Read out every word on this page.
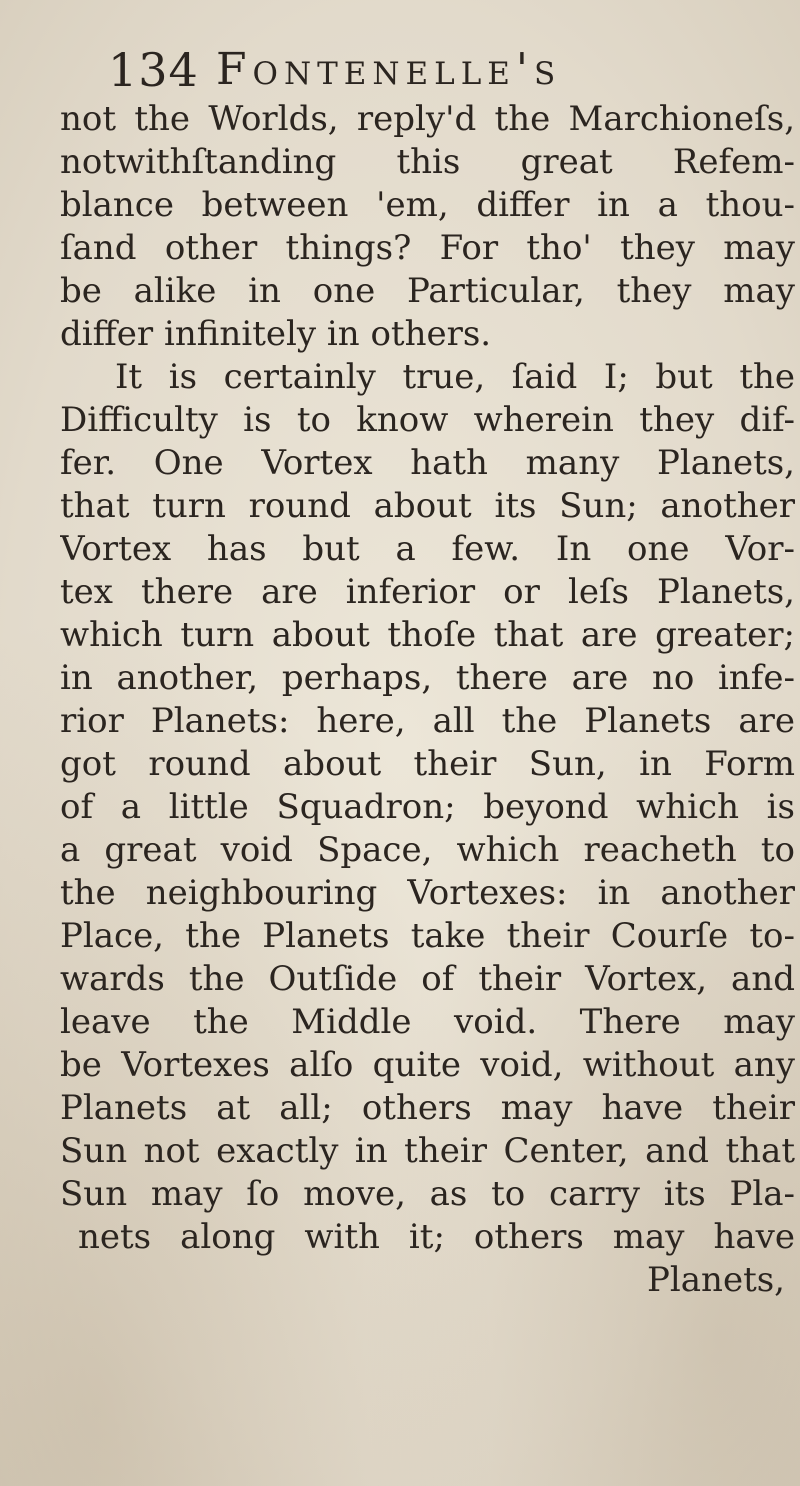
134 Fontenelle's
not the Worlds, reply'd the Marchioneſs,
notwithſtanding this great Refem-
blance between 'em, differ in a thou-
ſand other things? For tho' they may
be alike in one Particular, they may
differ infinitely in others.
It is certainly true, ſaid I; but the
Difficulty is to know wherein they dif-
fer. One Vortex hath many Planets,
that turn round about its Sun; another
Vortex has but a few. In one Vor-
tex there are inferior or leſs Planets,
which turn about thoſe that are greater;
in another, perhaps, there are no infe-
rior Planets: here, all the Planets are
got round about their Sun, in Form
of a little Squadron; beyond which is
a great void Space, which reacheth to
the neighbouring Vortexes: in another
Place, the Planets take their Courſe to-
wards the Outſide of their Vortex, and
leave the Middle void. There may
be Vortexes alſo quite void, without any
Planets at all; others may have their
Sun not exactly in their Center, and that
Sun may ſo move, as to carry its Pla-
nets along with it; others may have
Planets,
